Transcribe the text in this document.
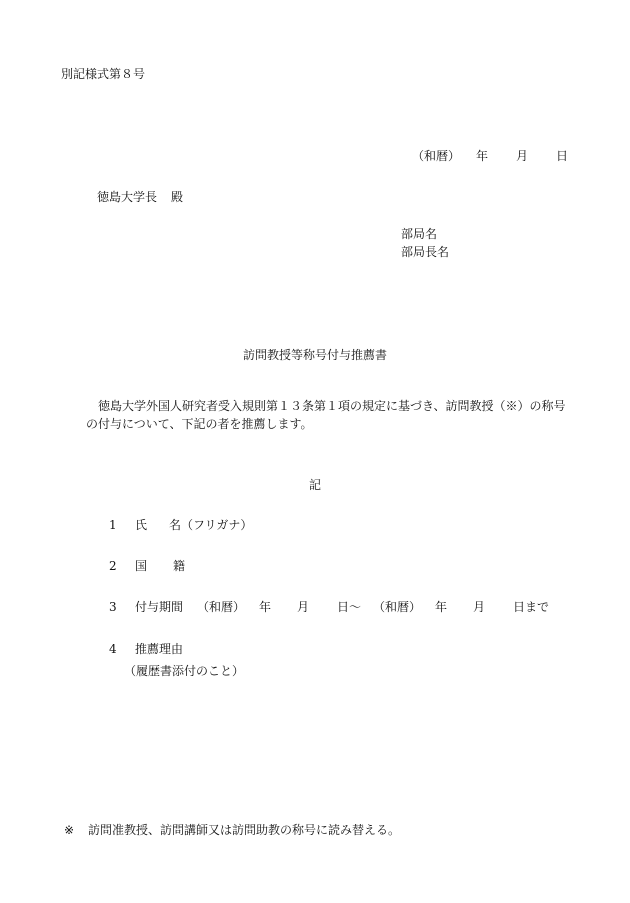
別記様式第８号
（和暦） 年 月 日
徳島大学長 殿
部局名
部局長名
訪問教授等称号付与推薦書
徳島大学外国人研究者受入規則第１３条第１項の規定に基づき、訪問教授（※）の称号の付与について、下記の者を推薦します。
記
1 氏 名（フリガナ）
2 国 籍
3 付与期間 （和暦） 年 月 日～ （和暦） 年 月 日まで
4 推薦理由
（履歴書添付のこと）
※ 訪問准教授、訪問講師又は訪問助教の称号に読み替える。
